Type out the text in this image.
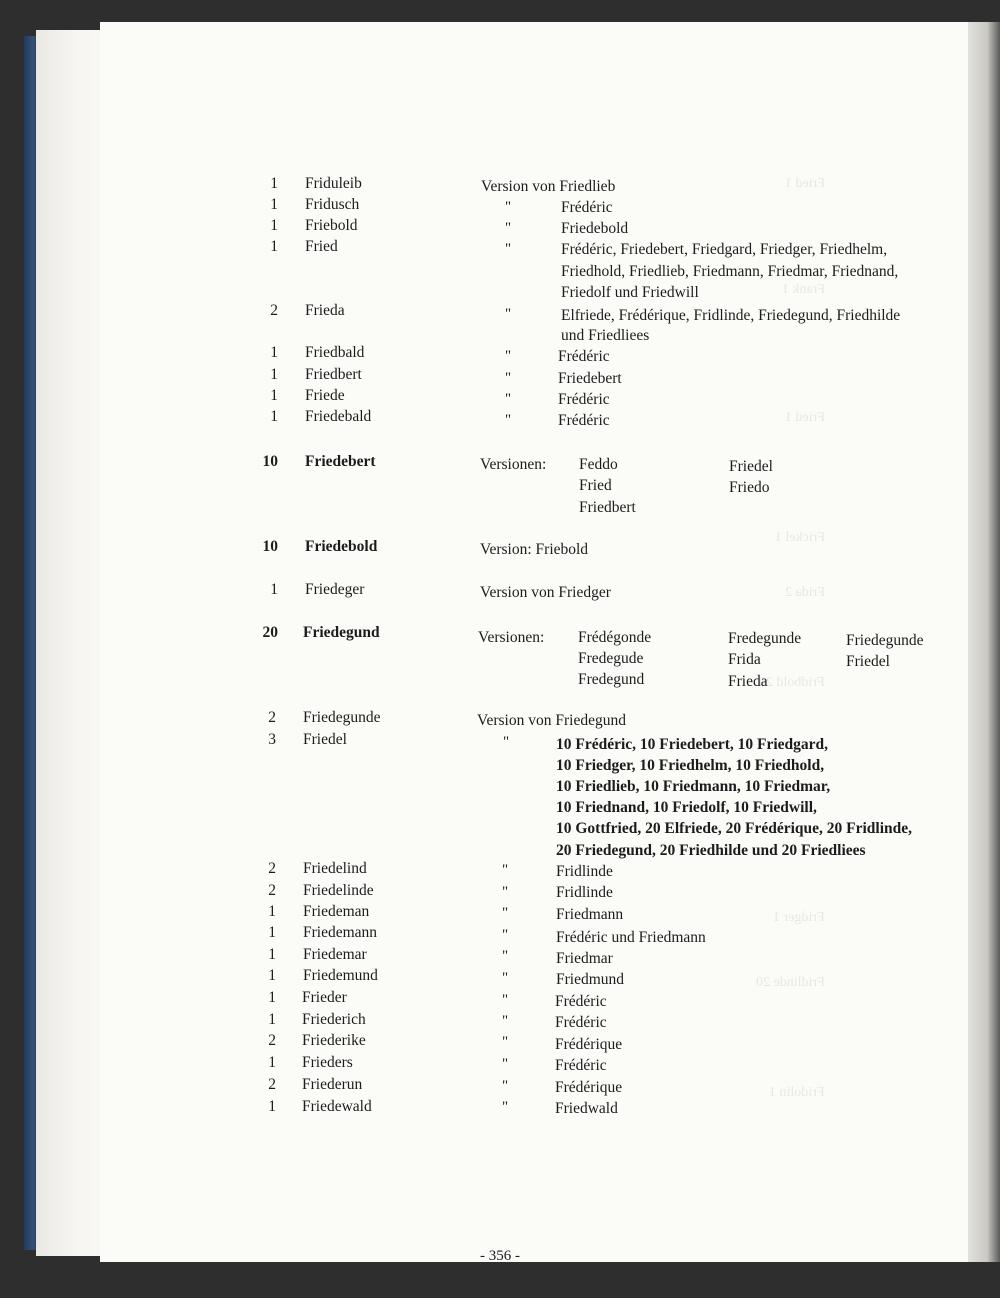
Fried 1
Frank 1
Fried 1
Frickel 1
Frida 2
Fridbold 20
Fridger 1
Fridlinde 20
Fridolin 1
1 Friduleib	Version von Friedlieb
1 Fridusch	"	Frédéric
1 Friebold	"	Friedebold
1 Fried	"	Frédéric, Friedebert, Friedgard, Friedger, Friedhelm,
Friedhold, Friedlieb, Friedmann, Friedmar, Friednand,
Friedolf und Friedwill
2 Frieda	"	Elfriede, Frédérique, Fridlinde, Friedegund, Friedhilde
und Friedliees
1 Friedbald	"	Frédéric
1 Friedbert	"	Friedebert
1 Friede	"	Frédéric
1 Friedebald	"	Frédéric
10 Friedebert	Versionen: Feddo	Friedel
Fried	Friedo
Friedbert
10 Friedebold	Version: Friebold
1 Friedeger	Version von Friedger
20 Friedegund	Versionen: Frédégonde	Fredegunde	Friedegunde
Fredegude	Frida	Friedel
Fredegund	Frieda
2 Friedegunde	Version von Friedegund
3 Friedel	"	10 Frédéric, 10 Friedebert, 10 Friedgard,
10 Friedger, 10 Friedhelm, 10 Friedhold,
10 Friedlieb, 10 Friedmann, 10 Friedmar,
10 Friednand, 10 Friedolf, 10 Friedwill,
10 Gottfried, 20 Elfriede, 20 Frédérique, 20 Fridlinde,
20 Friedegund, 20 Friedhilde und 20 Friedliees
2 Friedelind	"	Fridlinde
2 Friedelinde	"	Fridlinde
1 Friedeman	"	Friedmann
1 Friedemann	"	Frédéric und Friedmann
1 Friedemar	"	Friedmar
1 Friedemund	"	Friedmund
1 Frieder	"	Frédéric
1 Friederich	"	Frédéric
2 Friederike	"	Frédérique
1 Frieders	"	Frédéric
2 Friederun	"	Frédérique
1 Friedewald	"	Friedwald
- 356 -
